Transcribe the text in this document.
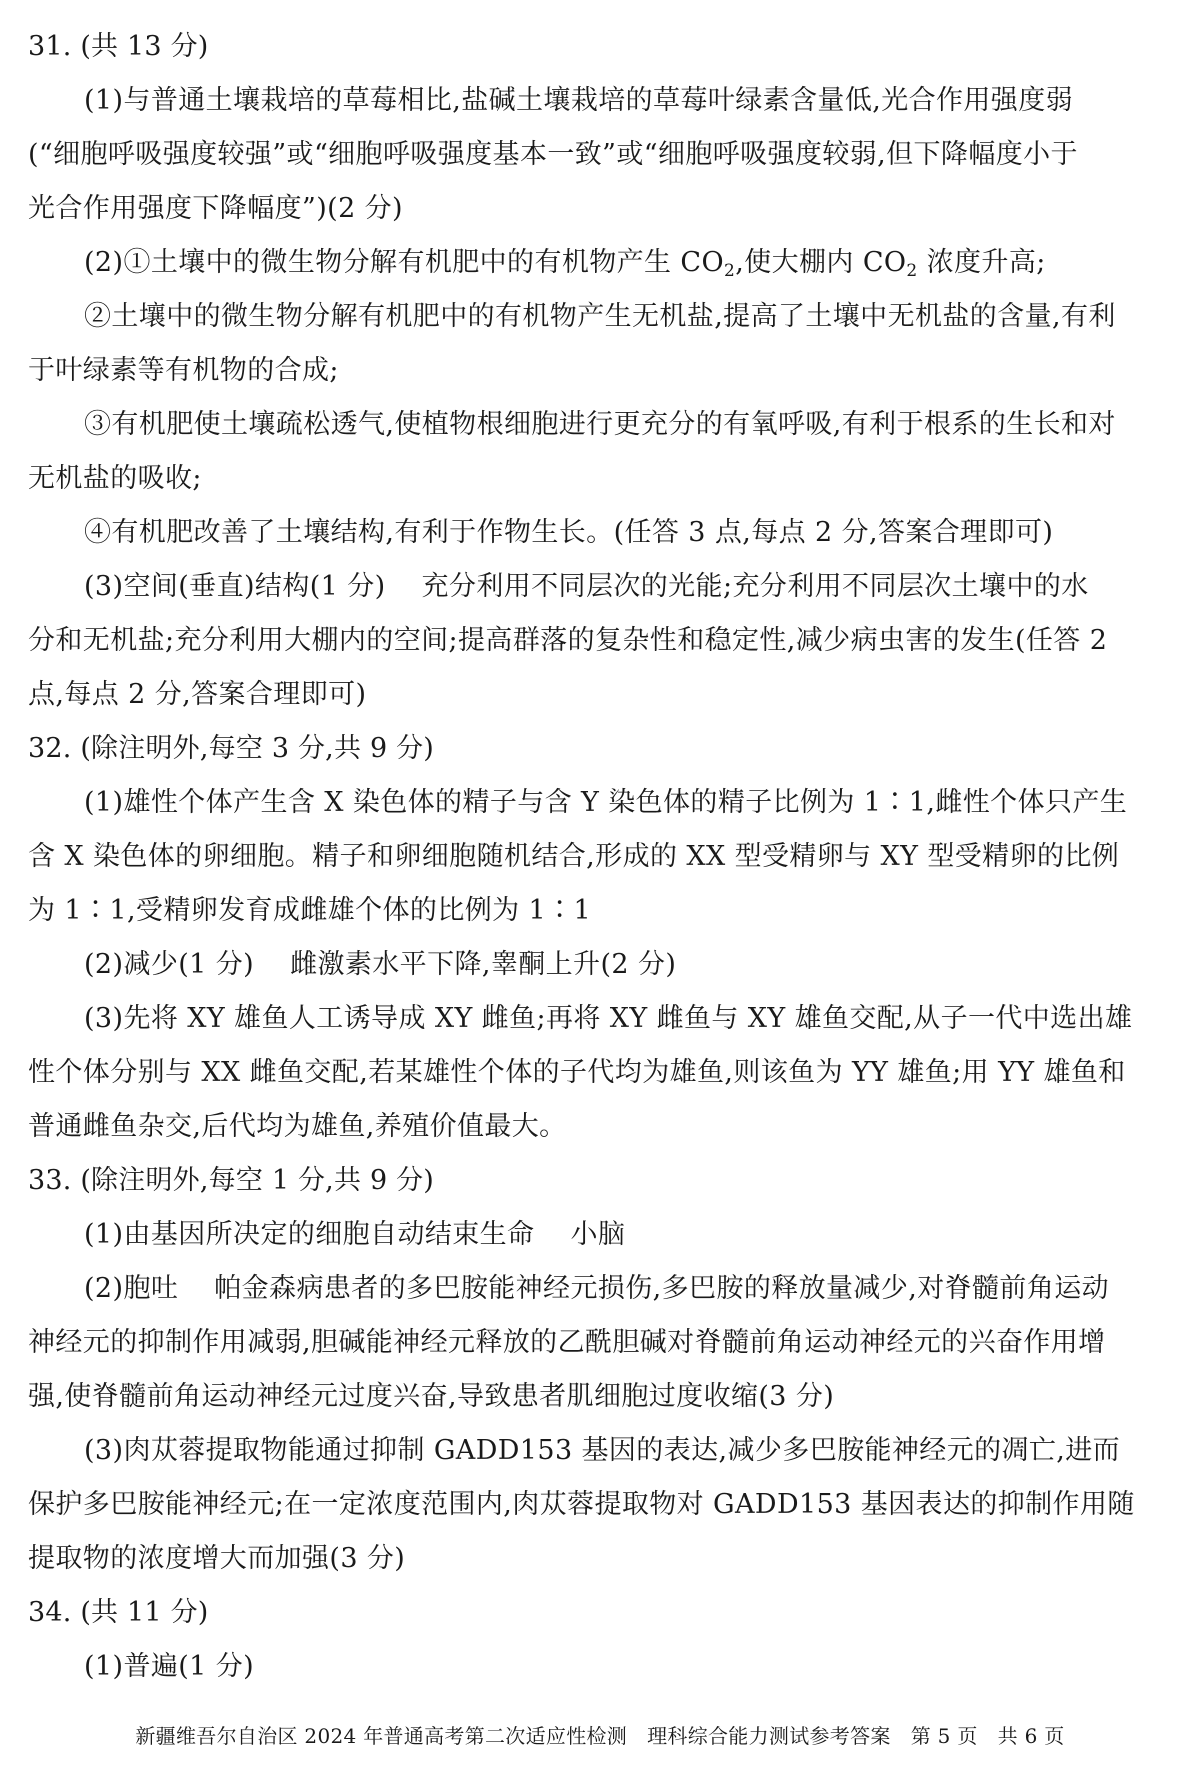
31. (共 13 分)
(1)与普通土壤栽培的草莓相比,盐碱土壤栽培的草莓叶绿素含量低,光合作用强度弱
(“细胞呼吸强度较强”或“细胞呼吸强度基本一致”或“细胞呼吸强度较弱,但下降幅度小于
光合作用强度下降幅度”)(2 分)
(2)①土壤中的微生物分解有机肥中的有机物产生 $CO_2$,使大棚内 $CO_2$ 浓度升高;
②土壤中的微生物分解有机肥中的有机物产生无机盐,提高了土壤中无机盐的含量,有利
于叶绿素等有机物的合成;
③有机肥使土壤疏松透气,使植物根细胞进行更充分的有氧呼吸,有利于根系的生长和对
无机盐的吸收;
④有机肥改善了土壤结构,有利于作物生长。(任答 3 点,每点 2 分,答案合理即可)
(3)空间(垂直)结构(1 分) 充分利用不同层次的光能;充分利用不同层次土壤中的水
分和无机盐;充分利用大棚内的空间;提高群落的复杂性和稳定性,减少病虫害的发生(任答 2
点,每点 2 分,答案合理即可)
32. (除注明外,每空 3 分,共 9 分)
(1)雄性个体产生含 X 染色体的精子与含 Y 染色体的精子比例为 1∶1,雌性个体只产生
含 X 染色体的卵细胞。精子和卵细胞随机结合,形成的 XX 型受精卵与 XY 型受精卵的比例
为 1∶1,受精卵发育成雌雄个体的比例为 1∶1
(2)减少(1 分) 雌激素水平下降,睾酮上升(2 分)
(3)先将 XY 雄鱼人工诱导成 XY 雌鱼;再将 XY 雌鱼与 XY 雄鱼交配,从子一代中选出雄
性个体分别与 XX 雌鱼交配,若某雄性个体的子代均为雄鱼,则该鱼为 YY 雄鱼;用 YY 雄鱼和
普通雌鱼杂交,后代均为雄鱼,养殖价值最大。
33. (除注明外,每空 1 分,共 9 分)
(1)由基因所决定的细胞自动结束生命 小脑
(2)胞吐 帕金森病患者的多巴胺能神经元损伤,多巴胺的释放量减少,对脊髓前角运动
神经元的抑制作用减弱,胆碱能神经元释放的乙酰胆碱对脊髓前角运动神经元的兴奋作用增
强,使脊髓前角运动神经元过度兴奋,导致患者肌细胞过度收缩(3 分)
(3)肉苁蓉提取物能通过抑制 GADD153 基因的表达,减少多巴胺能神经元的凋亡,进而
保护多巴胺能神经元;在一定浓度范围内,肉苁蓉提取物对 GADD153 基因表达的抑制作用随
提取物的浓度增大而加强(3 分)
34. (共 11 分)
(1)普遍(1 分)
新疆维吾尔自治区 2024 年普通高考第二次适应性检测 理科综合能力测试参考答案 第 5 页 共 6 页
